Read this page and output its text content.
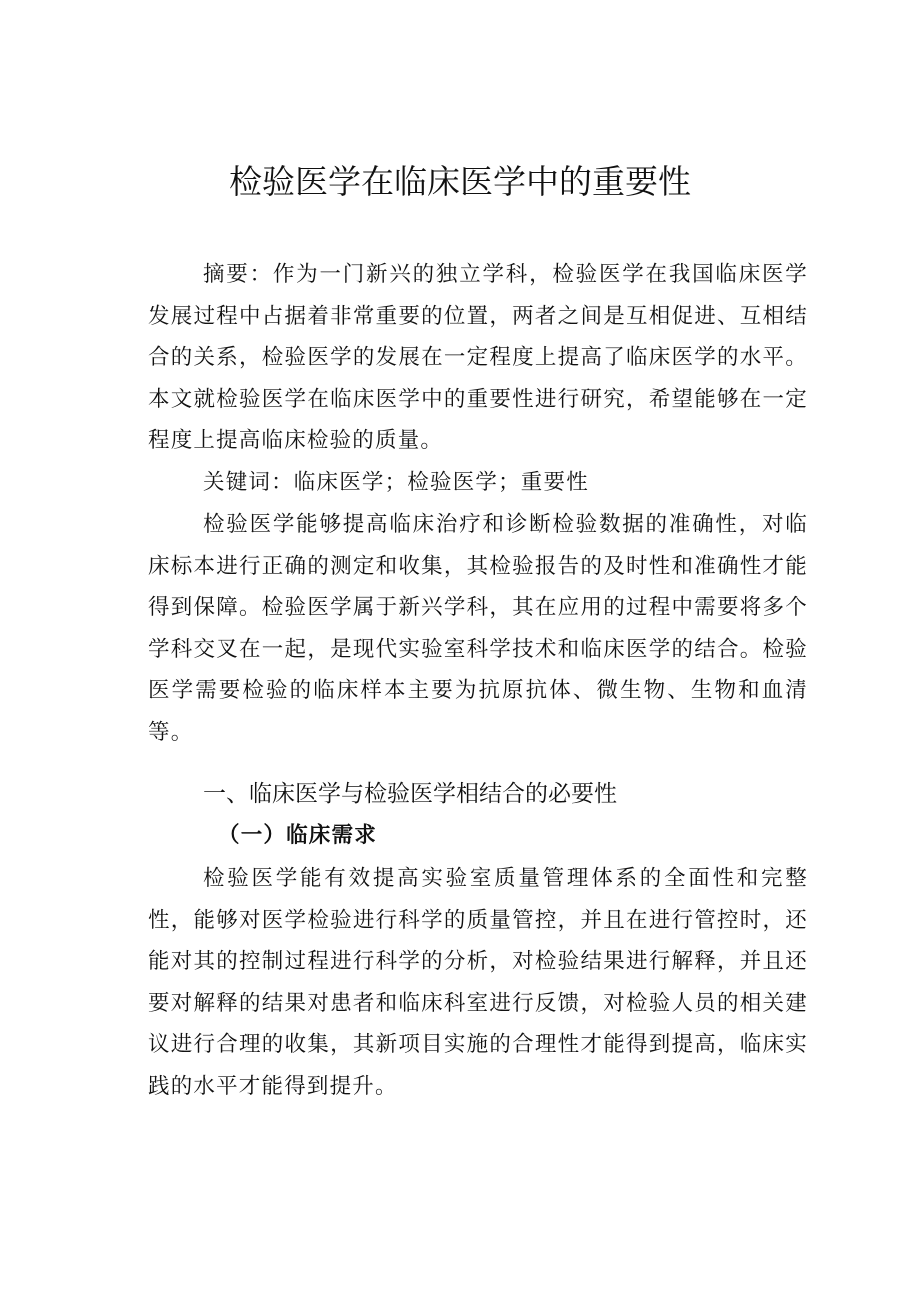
检验医学在临床医学中的重要性

摘要：作为一门新兴的独立学科，检验医学在我国临床医学发展过程中占据着非常重要的位置，两者之间是互相促进、互相结合的关系，检验医学的发展在一定程度上提高了临床医学的水平。本文就检验医学在临床医学中的重要性进行研究，希望能够在一定程度上提高临床检验的质量。

关键词：临床医学；检验医学；重要性

检验医学能够提高临床治疗和诊断检验数据的准确性，对临床标本进行正确的测定和收集，其检验报告的及时性和准确性才能得到保障。检验医学属于新兴学科，其在应用的过程中需要将多个学科交叉在一起，是现代实验室科学技术和临床医学的结合。检验医学需要检验的临床样本主要为抗原抗体、微生物、生物和血清等。

一、临床医学与检验医学相结合的必要性
（一）临床需求

检验医学能有效提高实验室质量管理体系的全面性和完整性，能够对医学检验进行科学的质量管控，并且在进行管控时，还能对其的控制过程进行科学的分析，对检验结果进行解释，并且还要对解释的结果对患者和临床科室进行反馈，对检验人员的相关建议进行合理的收集，其新项目实施的合理性才能得到提高，临床实践的水平才能得到提升。
